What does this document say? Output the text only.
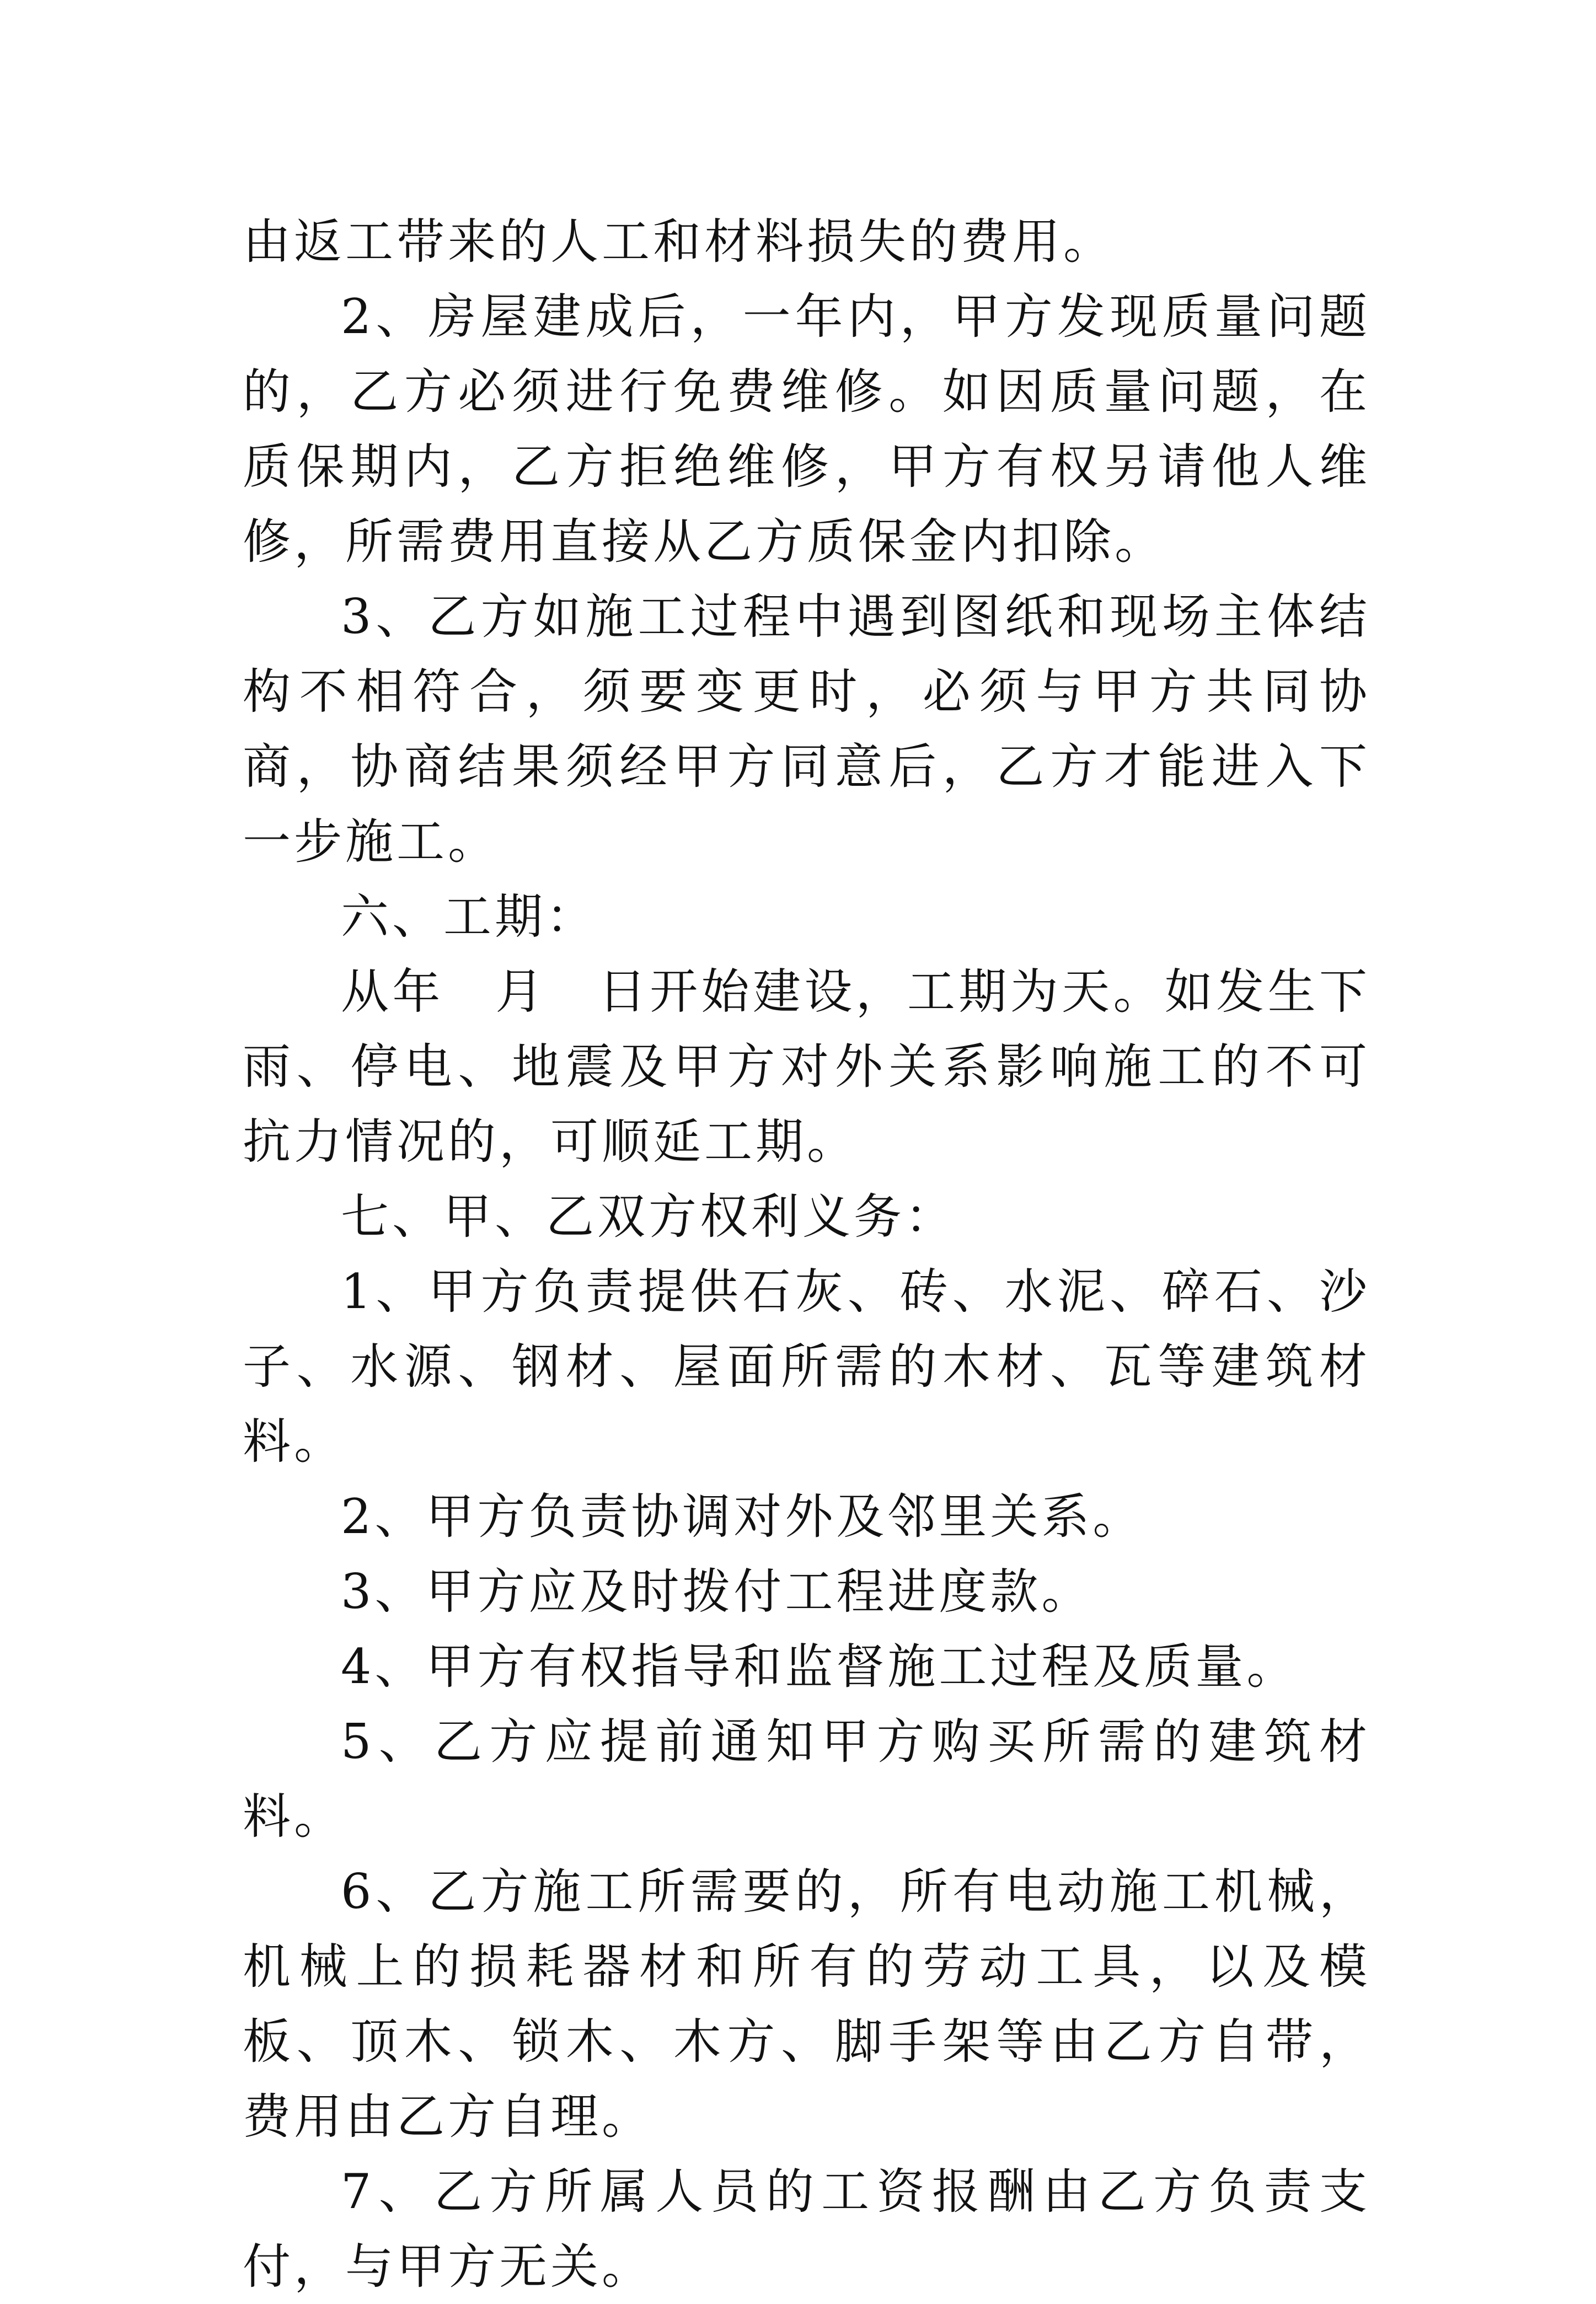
由返工带来的人工和材料损失的费用。

2、房屋建成后，一年内，甲方发现质量问题的，乙方必须进行免费维修。如因质量问题，在质保期内，乙方拒绝维修，甲方有权另请他人维修，所需费用直接从乙方质保金内扣除。

3、乙方如施工过程中遇到图纸和现场主体结构不相符合，须要变更时，必须与甲方共同协商，协商结果须经甲方同意后，乙方才能进入下一步施工。

六、工期：

从年　月　日开始建设，工期为天。如发生下雨、停电、地震及甲方对外关系影响施工的不可抗力情况的，可顺延工期。

七、甲、乙双方权利义务：

1、甲方负责提供石灰、砖、水泥、碎石、沙子、水源、钢材、屋面所需的木材、瓦等建筑材料。

2、甲方负责协调对外及邻里关系。

3、甲方应及时拨付工程进度款。

4、甲方有权指导和监督施工过程及质量。

5、乙方应提前通知甲方购买所需的建筑材料。

6、乙方施工所需要的，所有电动施工机械，机械上的损耗器材和所有的劳动工具，以及模板、顶木、锁木、木方、脚手架等由乙方自带，费用由乙方自理。

7、乙方所属人员的工资报酬由乙方负责支付，与甲方无关。
